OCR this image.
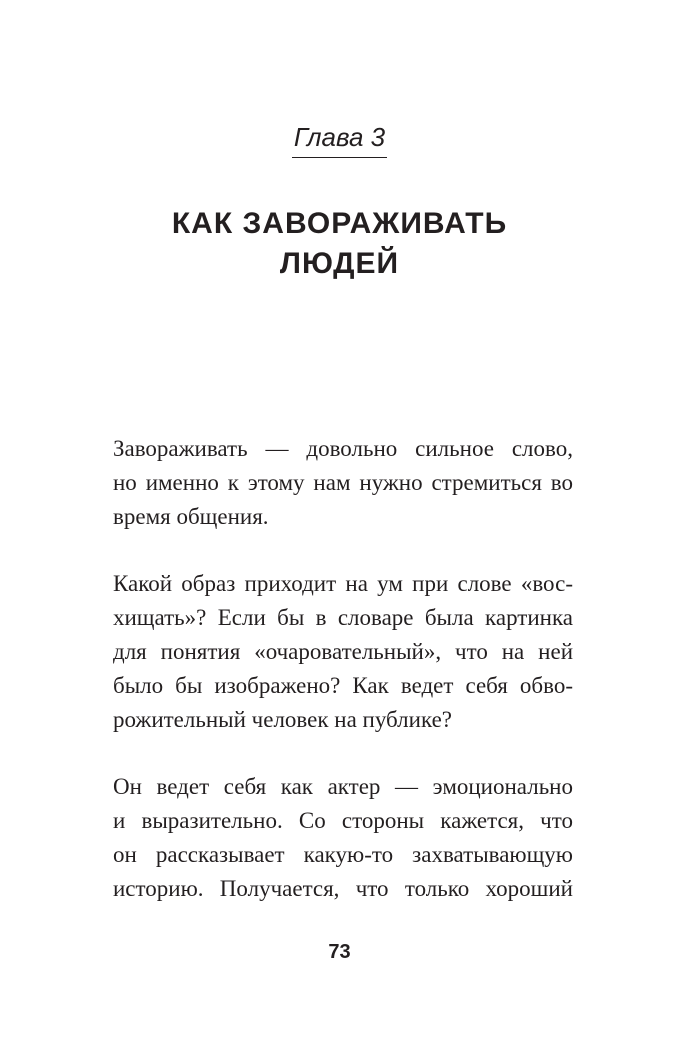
Глава 3
КАК ЗАВОРАЖИВАТЬ
ЛЮДЕЙ
Завораживать — довольно сильное слово,
но именно к этому нам нужно стремиться во
время общения.
Какой образ приходит на ум при слове «вос-
хищать»? Если бы в словаре была картинка
для понятия «очаровательный», что на ней
было бы изображено? Как ведет себя обво-
рожительный человек на публике?
Он ведет себя как актер — эмоционально
и выразительно. Со стороны кажется, что
он рассказывает какую-то захватывающую
историю. Получается, что только хороший
73
